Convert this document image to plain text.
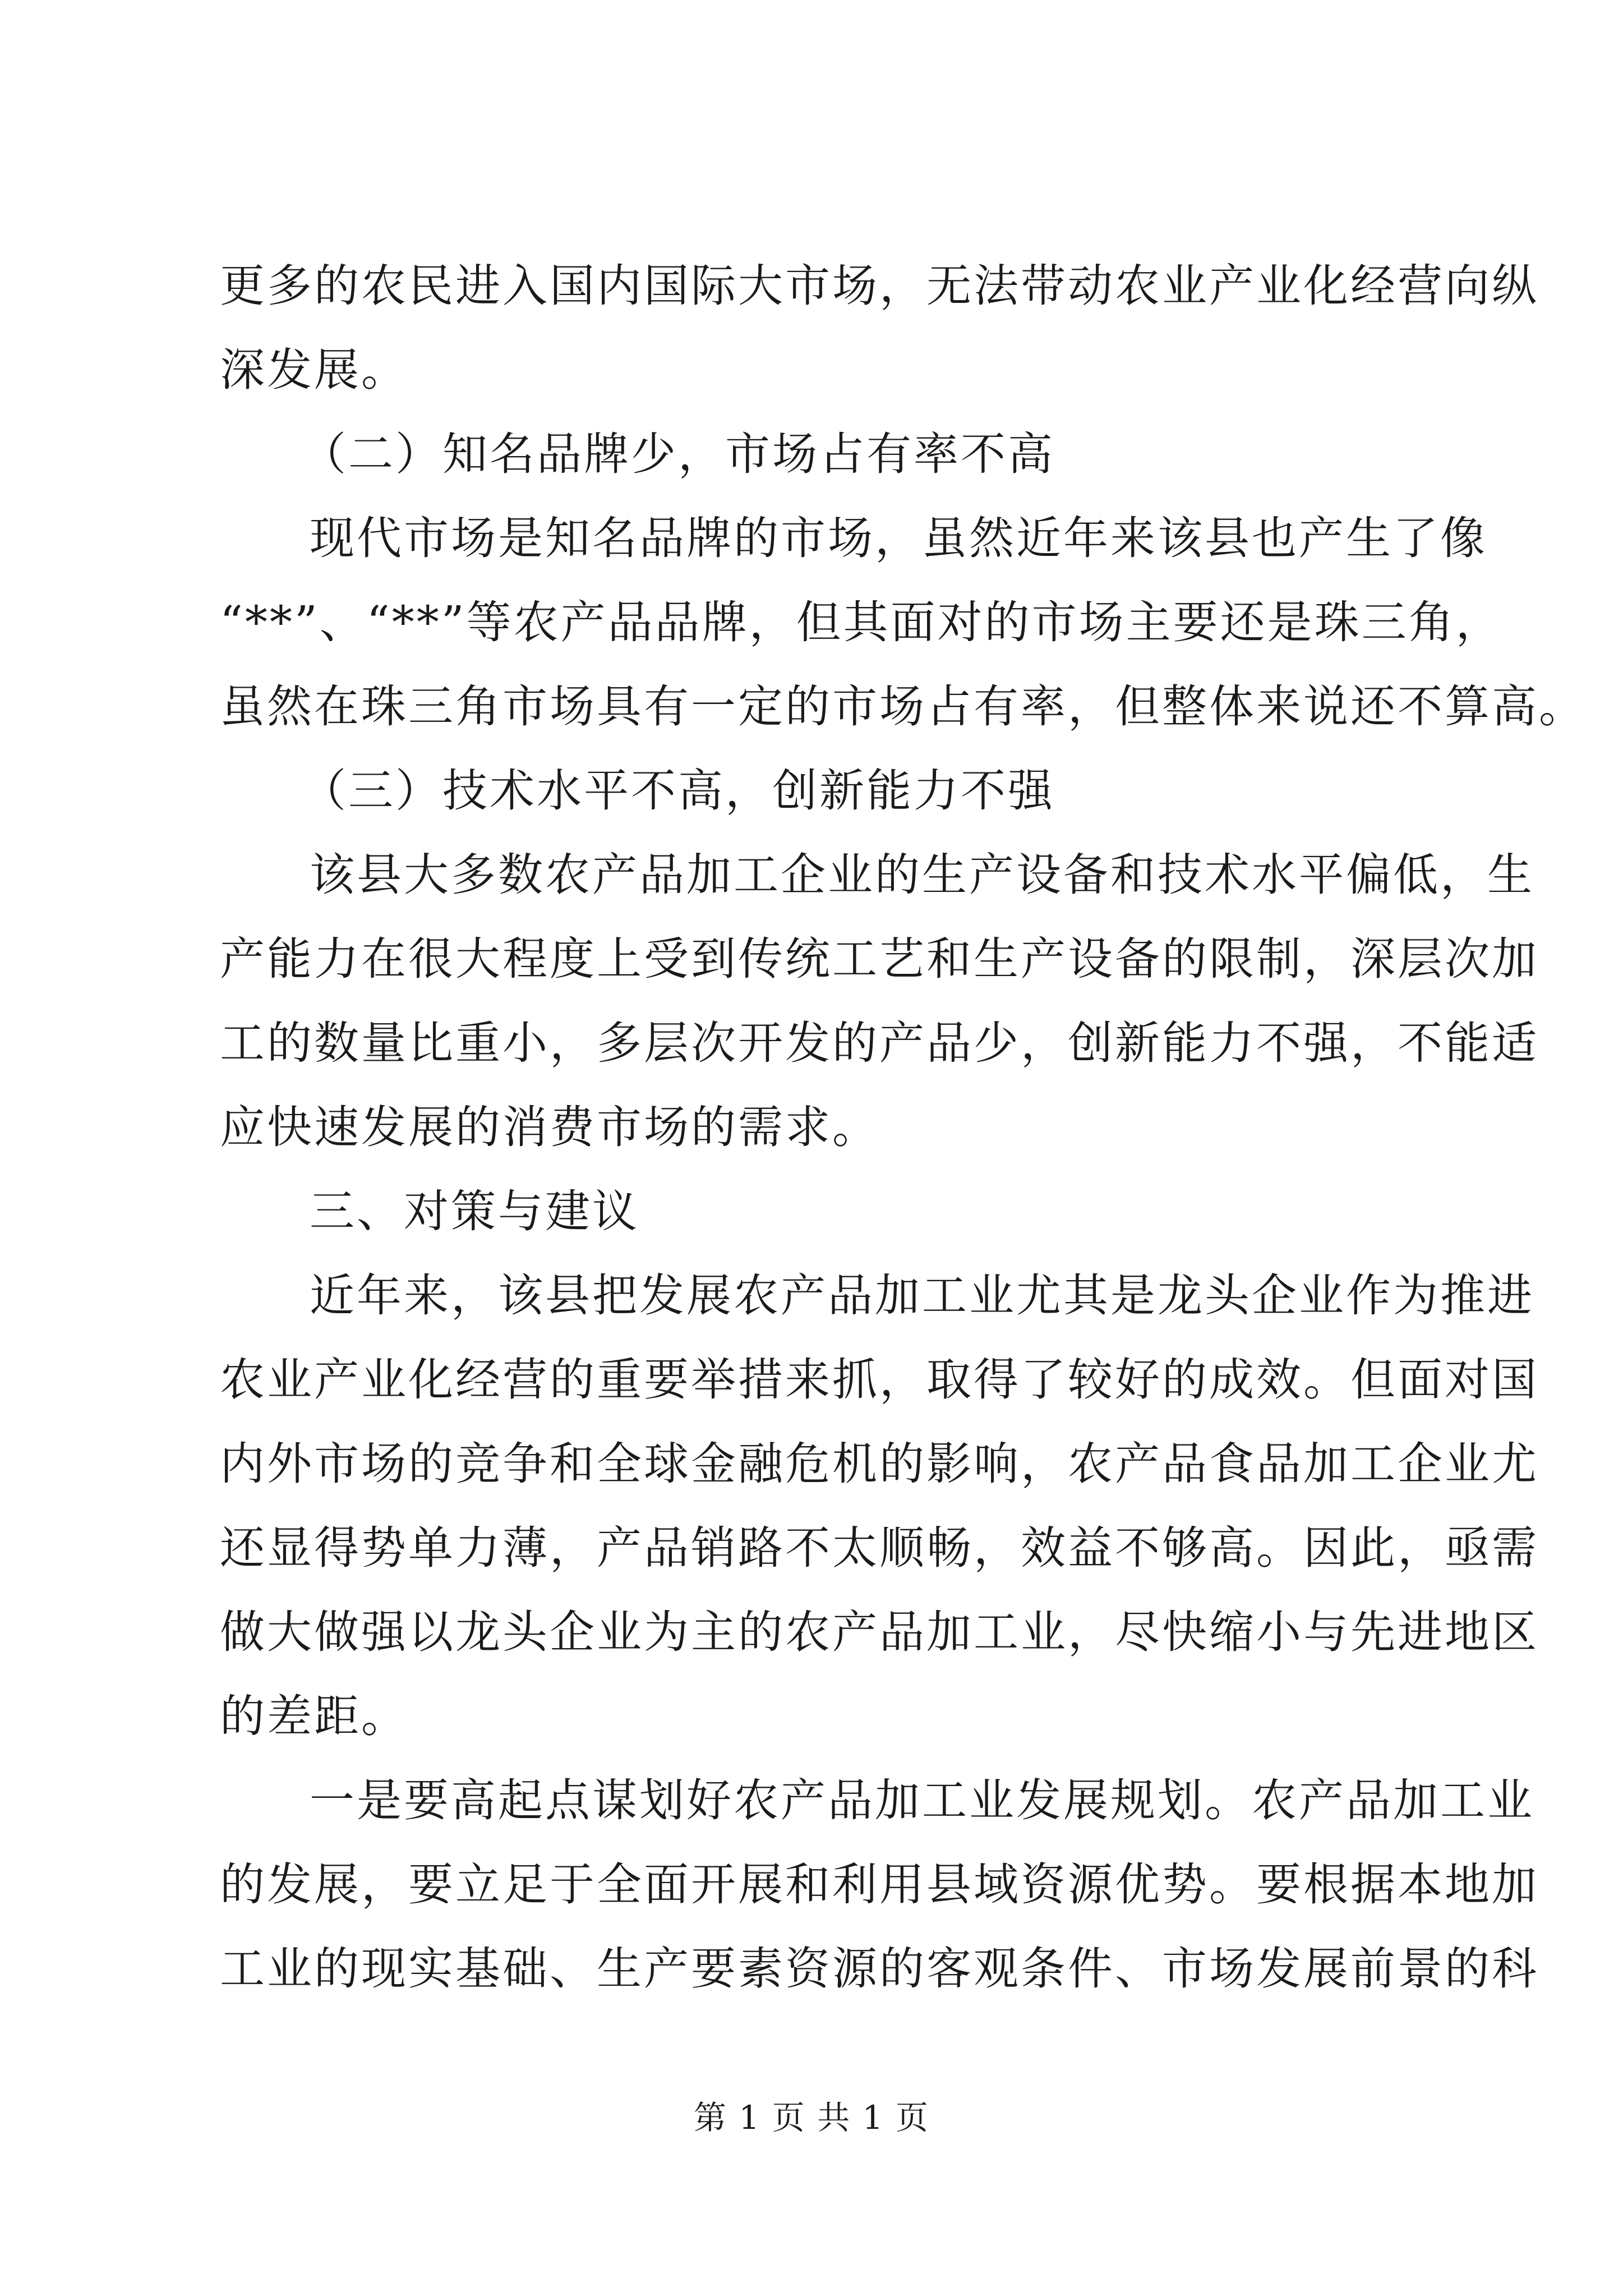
更多的农民进入国内国际大市场，无法带动农业产业化经营向纵
深发展。
（二）知名品牌少，市场占有率不高
现代市场是知名品牌的市场，虽然近年来该县也产生了像
“**”、“**”等农产品品牌，但其面对的市场主要还是珠三角，
虽然在珠三角市场具有一定的市场占有率，但整体来说还不算高。
（三）技术水平不高，创新能力不强
该县大多数农产品加工企业的生产设备和技术水平偏低，生
产能力在很大程度上受到传统工艺和生产设备的限制，深层次加
工的数量比重小，多层次开发的产品少，创新能力不强，不能适
应快速发展的消费市场的需求。
三、对策与建议
近年来，该县把发展农产品加工业尤其是龙头企业作为推进
农业产业化经营的重要举措来抓，取得了较好的成效。但面对国
内外市场的竞争和全球金融危机的影响，农产品食品加工企业尤
还显得势单力薄，产品销路不太顺畅，效益不够高。因此，亟需
做大做强以龙头企业为主的农产品加工业，尽快缩小与先进地区
的差距。
一是要高起点谋划好农产品加工业发展规划。农产品加工业
的发展，要立足于全面开展和利用县域资源优势。要根据本地加
工业的现实基础、生产要素资源的客观条件、市场发展前景的科
第 1 页 共 1 页
